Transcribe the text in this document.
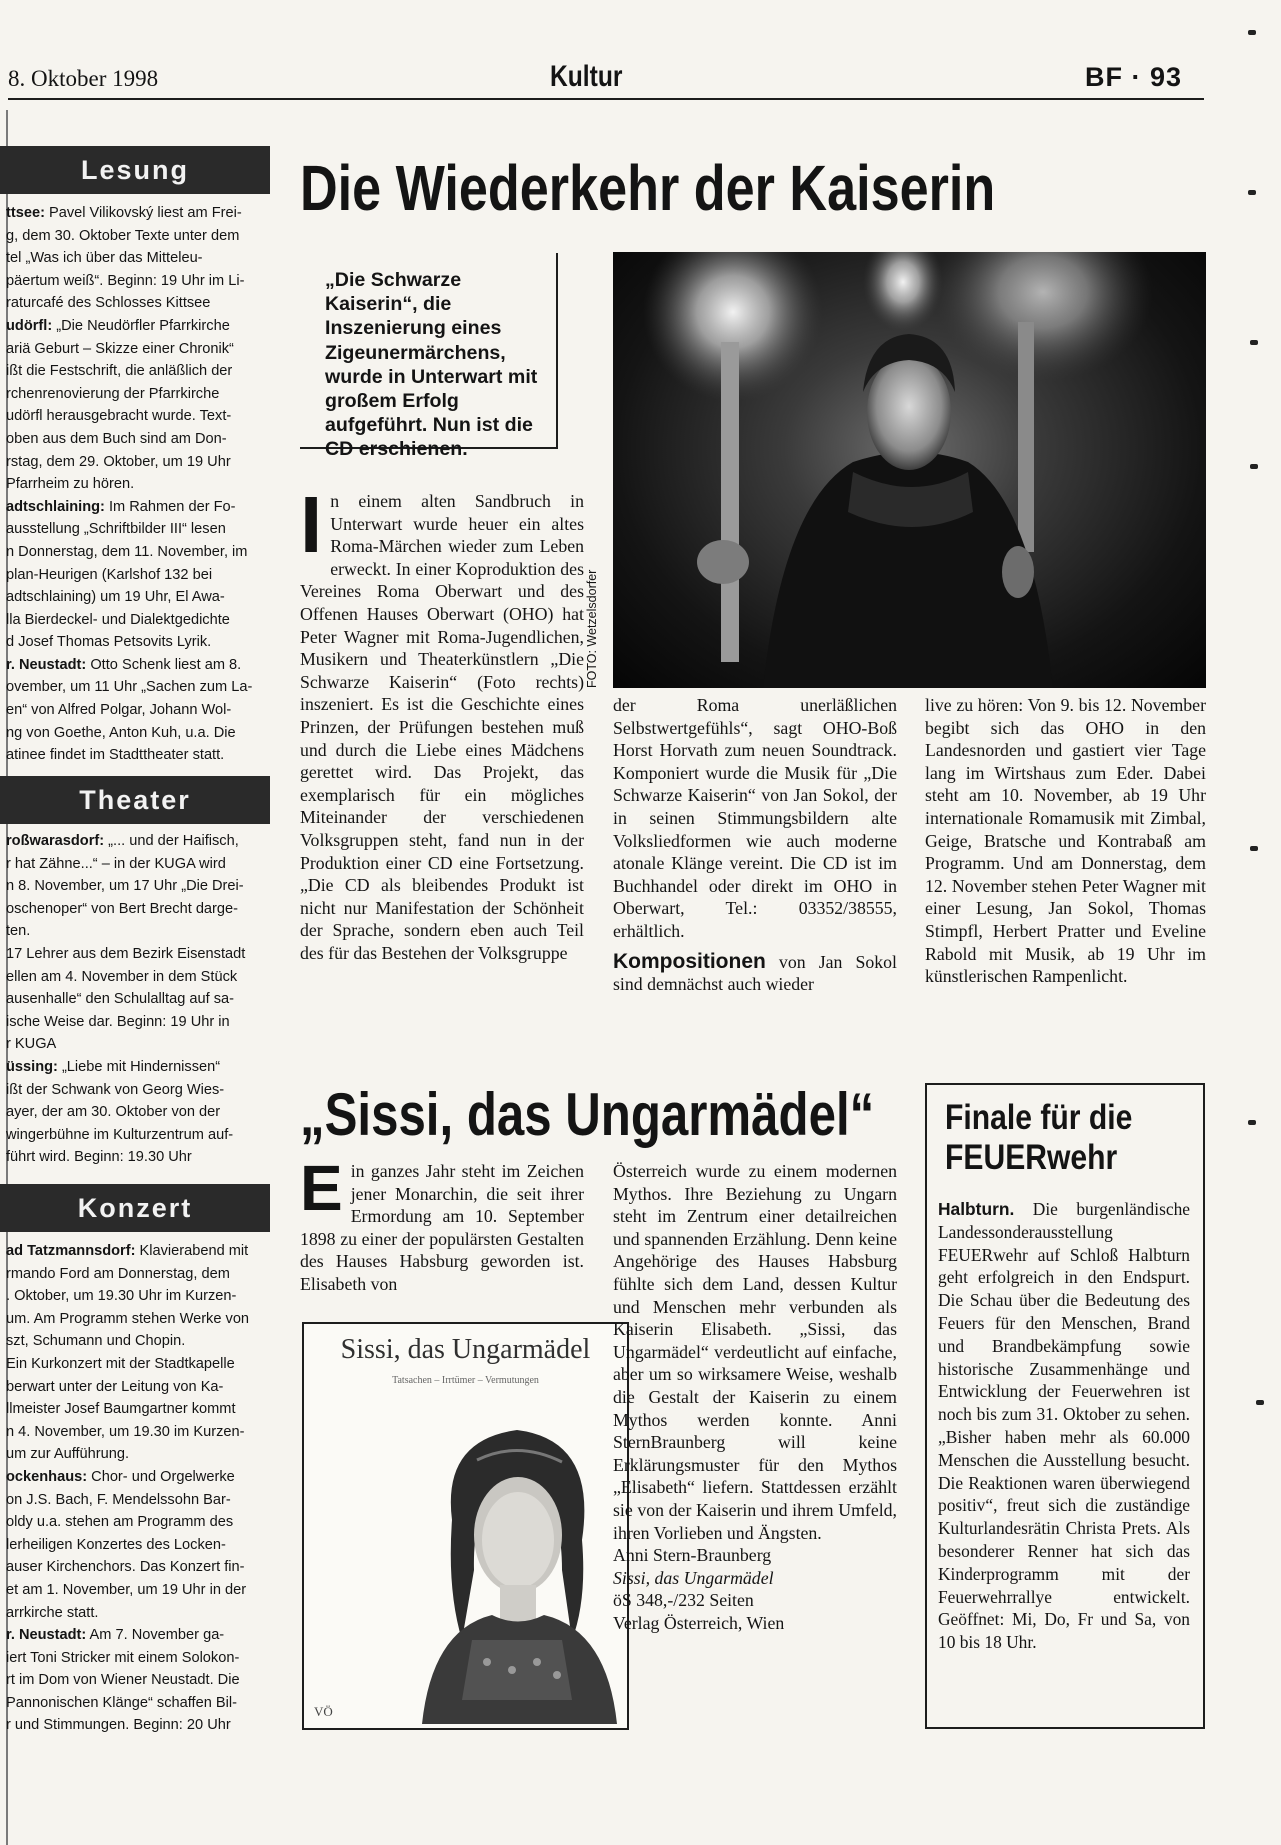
8. Oktober 1998	Kultur	BF · 93
Lesung
ttsee: Pavel Vilikovský liest am Frei-
g, dem 30. Oktober Texte unter dem
tel „Was ich über das Mitteleu-
päertum weiß“. Beginn: 19 Uhr im Li-
raturcafé des Schlosses Kittsee
udörfl: „Die Neudörfler Pfarrkirche
ariä Geburt – Skizze einer Chronik“
ißt die Festschrift, die anläßlich der
rchenrenovierung der Pfarrkirche
udörfl herausgebracht wurde. Text-
oben aus dem Buch sind am Don-
rstag, dem 29. Oktober, um 19 Uhr
Pfarrheim zu hören.
adtschlaining: Im Rahmen der Fo-
ausstellung „Schriftbilder III“ lesen
n Donnerstag, dem 11. November, im
plan-Heurigen (Karlshof 132 bei
adtschlaining) um 19 Uhr, El Awa-
lla Bierdeckel- und Dialektgedichte
d Josef Thomas Petsovits Lyrik.
r. Neustadt: Otto Schenk liest am 8.
ovember, um 11 Uhr „Sachen zum La-
en“ von Alfred Polgar, Johann Wol-
ng von Goethe, Anton Kuh, u.a. Die
atinee findet im Stadttheater statt.
Theater
roßwarasdorf: „... und der Haifisch,
r hat Zähne...“ – in der KUGA wird
n 8. November, um 17 Uhr „Die Drei-
oschenoper“ von Bert Brecht darge-
ten.
17 Lehrer aus dem Bezirk Eisenstadt
ellen am 4. November in dem Stück
ausenhalle“ den Schulalltag auf sa-
ische Weise dar. Beginn: 19 Uhr in
r KUGA
üssing: „Liebe mit Hindernissen“
ißt der Schwank von Georg Wies-
ayer, der am 30. Oktober von der
wingerbühne im Kulturzentrum auf-
führt wird. Beginn: 19.30 Uhr
Konzert
ad Tatzmannsdorf: Klavierabend mit
rmando Ford am Donnerstag, dem
. Oktober, um 19.30 Uhr im Kurzen-
um. Am Programm stehen Werke von
szt, Schumann und Chopin.
Ein Kurkonzert mit der Stadtkapelle
berwart unter der Leitung von Ka-
llmeister Josef Baumgartner kommt
n 4. November, um 19.30 im Kurzen-
um zur Aufführung.
ockenhaus: Chor- und Orgelwerke
on J.S. Bach, F. Mendelssohn Bar-
oldy u.a. stehen am Programm des
lerheiligen Konzertes des Locken-
auser Kirchenchors. Das Konzert fin-
et am 1. November, um 19 Uhr in der
arrkirche statt.
r. Neustadt: Am 7. November ga-
iert Toni Stricker mit einem Solokon-
rt im Dom von Wiener Neustadt. Die
Pannonischen Klänge“ schaffen Bil-
r und Stimmungen. Beginn: 20 Uhr
Die Wiederkehr der Kaiserin
„Die Schwarze Kaiserin“, die Inszenierung eines Zigeunermärchens, wurde in Unterwart mit großem Erfolg aufgeführt. Nun ist die CD erschienen.
FOTO: Wetzelsdorfer
I n einem alten Sandbruch in Unterwart wurde heuer ein altes Roma-Märchen wieder zum Leben erweckt. In einer Koproduktion des Vereines Roma Oberwart und des Offenen Hauses Oberwart (OHO) hat Peter Wagner mit Roma-Jugendlichen, Musikern und Theaterkünstlern „Die Schwarze Kaiserin“ (Foto rechts) inszeniert. Es ist die Geschichte eines Prinzen, der Prüfungen bestehen muß und durch die Liebe eines Mädchens gerettet wird. Das Projekt, das exemplarisch für ein mögliches Miteinander der verschiedenen Volksgruppen steht, fand nun in der Produktion einer CD eine Fortsetzung. „Die CD als bleibendes Produkt ist nicht nur Manifestation der Schönheit der Sprache, sondern eben auch Teil des für das Bestehen der Volksgruppe
der Roma unerläßlichen Selbstwertgefühls“, sagt OHO-Boß Horst Horvath zum neuen Soundtrack. Komponiert wurde die Musik für „Die Schwarze Kaiserin“ von Jan Sokol, der in seinen Stimmungsbildern alte Volksliedformen wie auch moderne atonale Klänge vereint. Die CD ist im Buchhandel oder direkt im OHO in Oberwart, Tel.: 03352/38555, erhältlich.
Kompositionen von Jan Sokol sind demnächst auch wieder
live zu hören: Von 9. bis 12. November begibt sich das OHO in den Landesnorden und gastiert vier Tage lang im Wirtshaus zum Eder. Dabei steht am 10. November, ab 19 Uhr internationale Romamusik mit Zimbal, Geige, Bratsche und Kontrabaß am Programm. Und am Donnerstag, dem 12. November stehen Peter Wagner mit einer Lesung, Jan Sokol, Thomas Stimpfl, Herbert Pratter und Eveline Rabold mit Musik, ab 19 Uhr im künstlerischen Rampenlicht.
„Sissi, das Ungarmädel“
E in ganzes Jahr steht im Zeichen jener Monarchin, die seit ihrer Ermordung am 10. September 1898 zu einer der populärsten Gestalten des Hauses Habsburg geworden ist. Elisabeth von
Sissi, das Ungarmädel
Tatsachen – Irrtümer – Vermutungen
VÖ
Österreich wurde zu einem modernen Mythos. Ihre Beziehung zu Ungarn steht im Zentrum einer detailreichen und spannenden Erzählung. Denn keine Angehörige des Hauses Habsburg fühlte sich dem Land, dessen Kultur und Menschen mehr verbunden als Kaiserin Elisabeth. „Sissi, das Ungarmädel“ verdeutlicht auf einfache, aber um so wirksamere Weise, weshalb die Gestalt der Kaiserin zu einem Mythos werden konnte. Anni SternBraunberg will keine Erklärungsmuster für den Mythos „Elisabeth“ liefern. Stattdessen erzählt sie von der Kaiserin und ihrem Umfeld, ihren Vorlieben und Ängsten.
Anni Stern-Braunberg
Sissi, das Ungarmädel
öS 348,-/232 Seiten
Verlag Österreich, Wien
Finale für die
FEUERwehr
Halbturn. Die burgenländische Landessonderausstellung FEUERwehr auf Schloß Halbturn geht erfolgreich in den Endspurt. Die Schau über die Bedeutung des Feuers für den Menschen, Brand und Brandbekämpfung sowie historische Zusammenhänge und Entwicklung der Feuerwehren ist noch bis zum 31. Oktober zu sehen. „Bisher haben mehr als 60.000 Menschen die Ausstellung besucht. Die Reaktionen waren überwiegend positiv“, freut sich die zuständige Kulturlandesrätin Christa Prets. Als besonderer Renner hat sich das Kinderprogramm mit der Feuerwehrrallye entwickelt. Geöffnet: Mi, Do, Fr und Sa, von 10 bis 18 Uhr.
